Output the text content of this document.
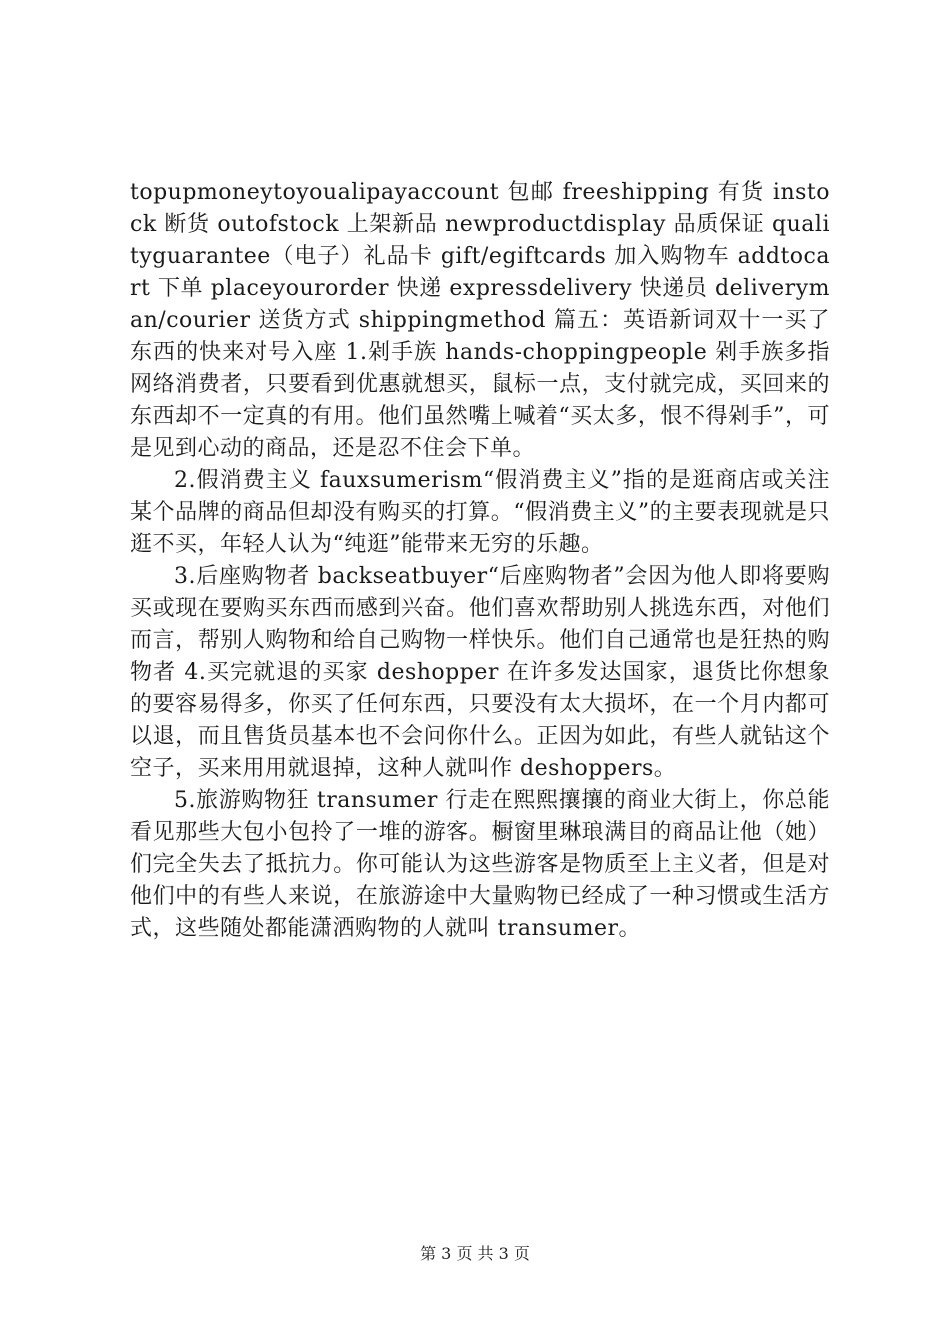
topupmoneytoyoualipayaccount 包邮 freeshipping 有货 instock 断货 outofstock 上架新品 newproductdisplay 品质保证 qualityguarantee（电子）礼品卡 gift/egiftcards 加入购物车 addtocart 下单 placeyourorder 快递 expressdelivery 快递员 deliveryman/courier 送货方式 shippingmethod 篇五：英语新词双十一买了东西的快来对号入座 1.剁手族 hands-choppingpeople 剁手族多指网络消费者，只要看到优惠就想买，鼠标一点，支付就完成，买回来的东西却不一定真的有用。他们虽然嘴上喊着“买太多，恨不得剁手”，可是见到心动的商品，还是忍不住会下单。

2.假消费主义 fauxsumerism“假消费主义”指的是逛商店或关注某个品牌的商品但却没有购买的打算。“假消费主义”的主要表现就是只逛不买，年轻人认为“纯逛”能带来无穷的乐趣。

3.后座购物者 backseatbuyer“后座购物者”会因为他人即将要购买或现在要购买东西而感到兴奋。他们喜欢帮助别人挑选东西，对他们而言，帮别人购物和给自己购物一样快乐。他们自己通常也是狂热的购物者 4.买完就退的买家 deshopper 在许多发达国家，退货比你想象的要容易得多，你买了任何东西，只要没有太大损坏，在一个月内都可以退，而且售货员基本也不会问你什么。正因为如此，有些人就钻这个空子，买来用用就退掉，这种人就叫作 deshoppers。

5.旅游购物狂 transumer 行走在熙熙攘攘的商业大街上，你总能看见那些大包小包拎了一堆的游客。橱窗里琳琅满目的商品让他（她）们完全失去了抵抗力。你可能认为这些游客是物质至上主义者，但是对他们中的有些人来说，在旅游途中大量购物已经成了一种习惯或生活方式，这些随处都能潇洒购物的人就叫 transumer。

第 3 页 共 3 页
